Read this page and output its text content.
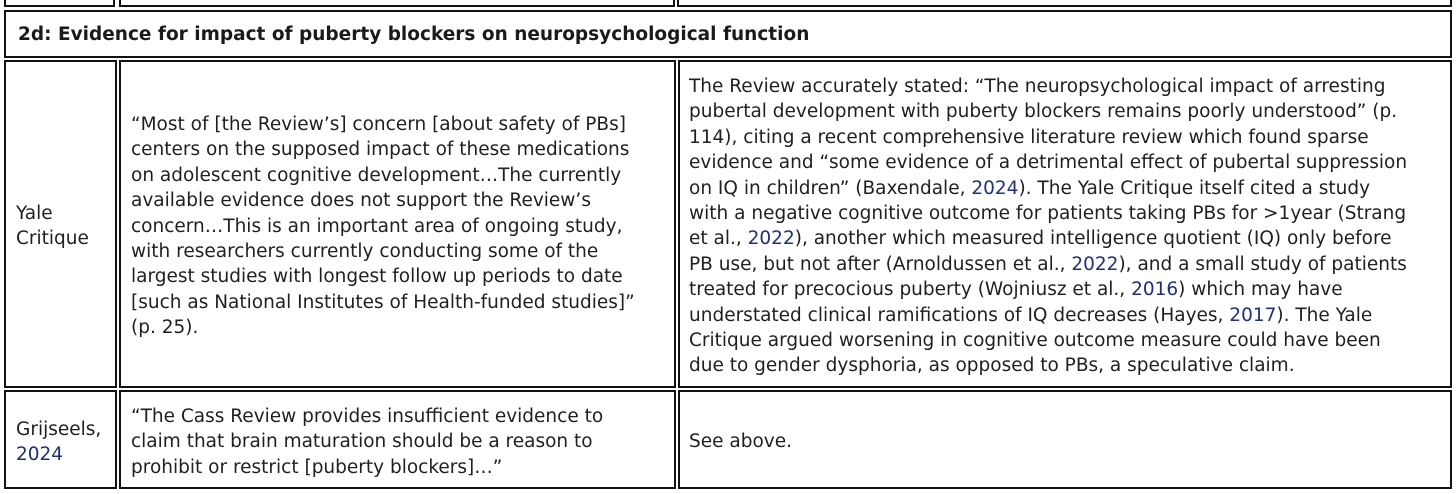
2d: Evidence for impact of puberty blockers on neuropsychological function
Yale Critique
“Most of [the Review’s] concern [about safety of PBs]
centers on the supposed impact of these medications
on adolescent cognitive development…The currently
available evidence does not support the Review’s
concern…This is an important area of ongoing study,
with researchers currently conducting some of the
largest studies with longest follow up periods to date
[such as National Institutes of Health-funded studies]”
(p. 25).
The Review accurately stated: “The neuropsychological impact of arresting
pubertal development with puberty blockers remains poorly understood” (p.
114), citing a recent comprehensive literature review which found sparse
evidence and “some evidence of a detrimental effect of pubertal suppression
on IQ in children” (Baxendale, 2024). The Yale Critique itself cited a study
with a negative cognitive outcome for patients taking PBs for >1year (Strang
et al., 2022), another which measured intelligence quotient (IQ) only before
PB use, but not after (Arnoldussen et al., 2022), and a small study of patients
treated for precocious puberty (Wojniusz et al., 2016) which may have
understated clinical ramifications of IQ decreases (Hayes, 2017). The Yale
Critique argued worsening in cognitive outcome measure could have been
due to gender dysphoria, as opposed to PBs, a speculative claim.
Grijseels,
2024
“The Cass Review provides insufficient evidence to
claim that brain maturation should be a reason to
prohibit or restrict [puberty blockers]…”
See above.
